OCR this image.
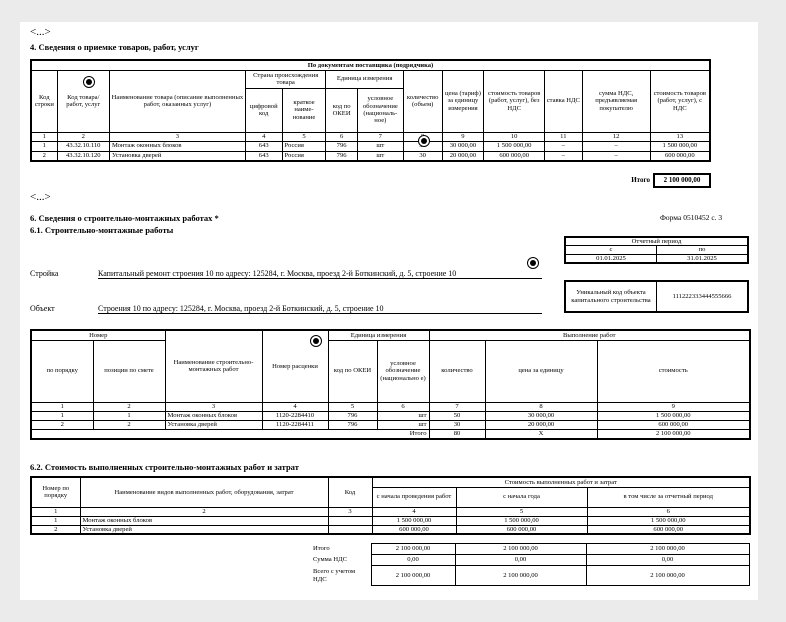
<...>
4. Сведения о приемке товаров, работ, услуг
По документам поставщика (подрядчика)												
Код строки	Код товара/ работ, услуг	Наименование товара (описание выполненных работ, оказанных услуг)	Страна происхождения товара		Единица измерения		количество (объем)	цена (тариф) за единицу измерения	стоимость товаров (работ, услуг), без НДС	ставка НДС	сумма НДС, предъявляемая покупателю	стоимость товаров (работ, услуг), с НДС
			цифровой код	краткое наиме-нование	код по ОКЕИ	условное обозначение (националь-ное)						
1	2	3	4	5	6	7		9	10	11	12	13
1	43.32.10.110	Монтаж оконных блоков	643	Россия	796	шт		30 000,00	1 500 000,00	–	–	1 500 000,00
2	43.32.10.120	Установка дверей	643	Россия	796	шт	30	20 000,00	600 000,00	–	–	600 000,00
Итого	2 100 000,00
<...>
6. Сведения о строительно-монтажных работах *
6.1. Строительно-монтажные работы
Форма 0510452 с. 3
Отчетный период	
с	по
01.01.2025	31.01.2025
Стройка	Капитальный ремонт строения 10 по адресу: 125284, г. Москва, проезд 2-й Боткинский, д. 5, строение 10
Объект	Строения 10 по адресу: 125284, г. Москва, проезд 2-й Боткинский, д. 5, строение 10
Уникальный код объекта капитального строительства	111222333444555666
Номер		Наименование строительно-монтажных работ	Номер расценки	Единица измерения		Выполнение работ		
по порядку	позиции по смете			код по ОКЕИ	условное обозначение (национально е)	количество	цена за единицу	стоимость
1	2	3	4	5	6	7	8	9
1	1	Монтаж оконных блоков	1120-2284410	796	шт	50	30 000,00	1 500 000,00
2	2	Установка дверей	1120-2284411	796	шт	30	20 000,00	600 000,00
					Итого	80	Х	2 100 000,00
6.2. Стоимость выполненных строительно-монтажных работ и затрат
Номер по порядку	Наименование видов выполненных работ, оборудования, затрат	Код	Стоимость выполненных работ и затрат		
			с начала проведения работ	с начала года	в том числе за отчетный период
1	2	3	4	5	6
1	Монтаж оконных блоков		1 500 000,00	1 500 000,00	1 500 000,00
2	Установка дверей		600 000,00	600 000,00	600 000,00
Итого	2 100 000,00	2 100 000,00	2 100 000,00
Сумма НДС	0,00	0,00	0,00
Всего с учетом НДС	2 100 000,00	2 100 000,00	2 100 000,00
